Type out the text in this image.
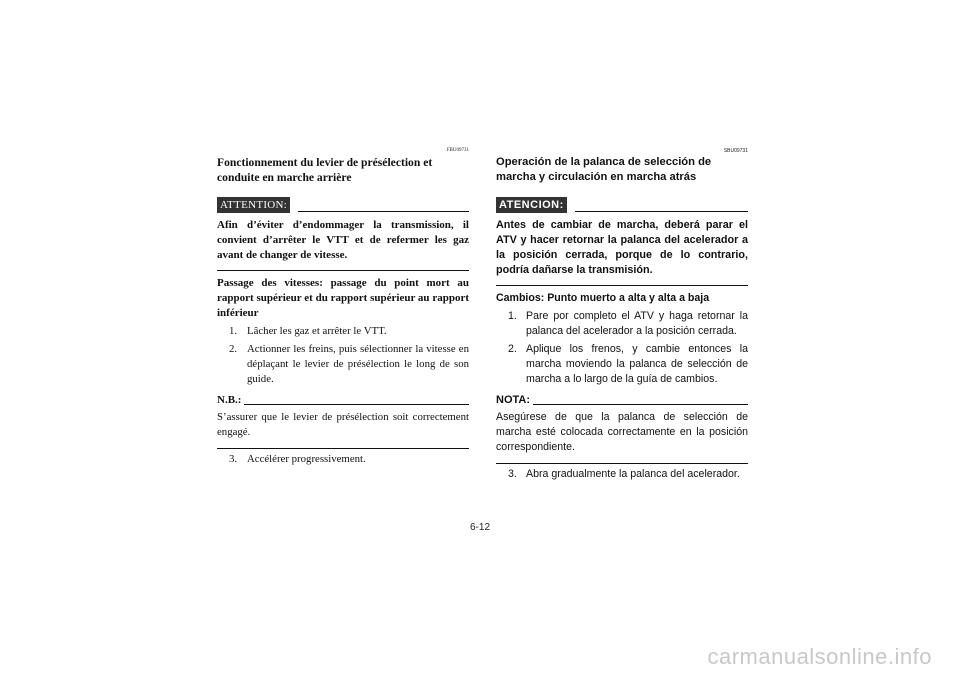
FBU09731
Fonctionnement du levier de présélection et conduite en marche arrière
ATTENTION:
Afin d’éviter d’endommager la transmission, il convient d’arrêter le VTT et de refermer les gaz avant de changer de vitesse.
Passage des vitesses: passage du point mort au rapport supérieur et du rapport supérieur au rapport inférieur
1. Lâcher les gaz et arrêter le VTT.
2. Actionner les freins, puis sélectionner la vitesse en déplaçant le levier de présélection le long de son guide.
N.B.:
S’assurer que le levier de présélection soit correctement engagé.
3. Accélérer progressivement.
SBU09731
Operación de la palanca de selección de marcha y circulación en marcha atrás
ATENCION:
Antes de cambiar de marcha, deberá parar el ATV y hacer retornar la palanca del acelerador a la posición cerrada, porque de lo contrario, podría dañarse la transmisión.
Cambios: Punto muerto a alta y alta a baja
1. Pare por completo el ATV y haga retornar la palanca del acelerador a la posición cerrada.
2. Aplique los frenos, y cambie entonces la marcha moviendo la palanca de selección de marcha a lo largo de la guía de cambios.
NOTA:
Asegúrese de que la palanca de selección de marcha esté colocada correctamente en la posición correspondiente.
3. Abra gradualmente la palanca del acelerador.
6-12
carmanualsonline.info
